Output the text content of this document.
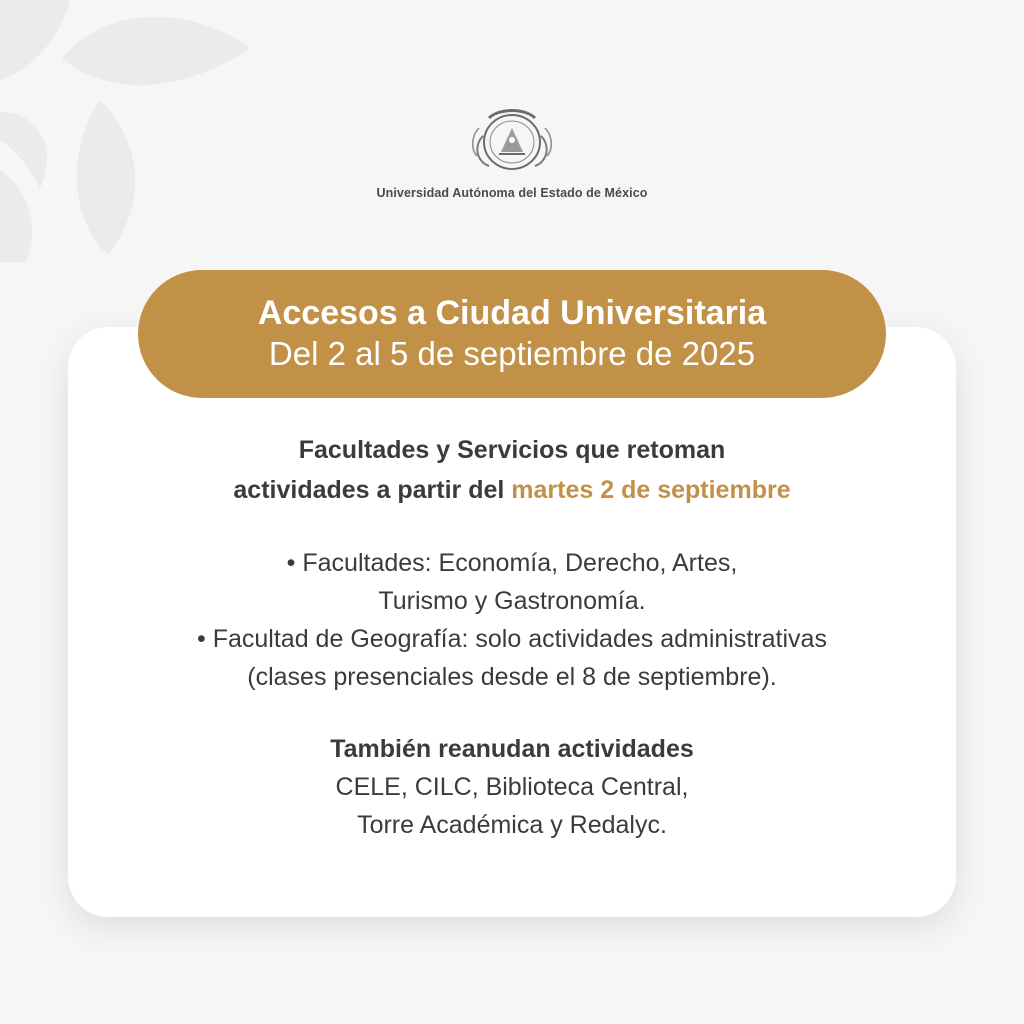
Universidad Autónoma del Estado de México
Accesos a Ciudad Universitaria
Del 2 al 5 de septiembre de 2025
Facultades y Servicios que retoman
actividades a partir del martes 2 de septiembre
• Facultades: Economía, Derecho, Artes,
Turismo y Gastronomía.
• Facultad de Geografía: solo actividades administrativas
(clases presenciales desde el 8 de septiembre).
También reanudan actividades
CELE, CILC, Biblioteca Central,
Torre Académica y Redalyc.
